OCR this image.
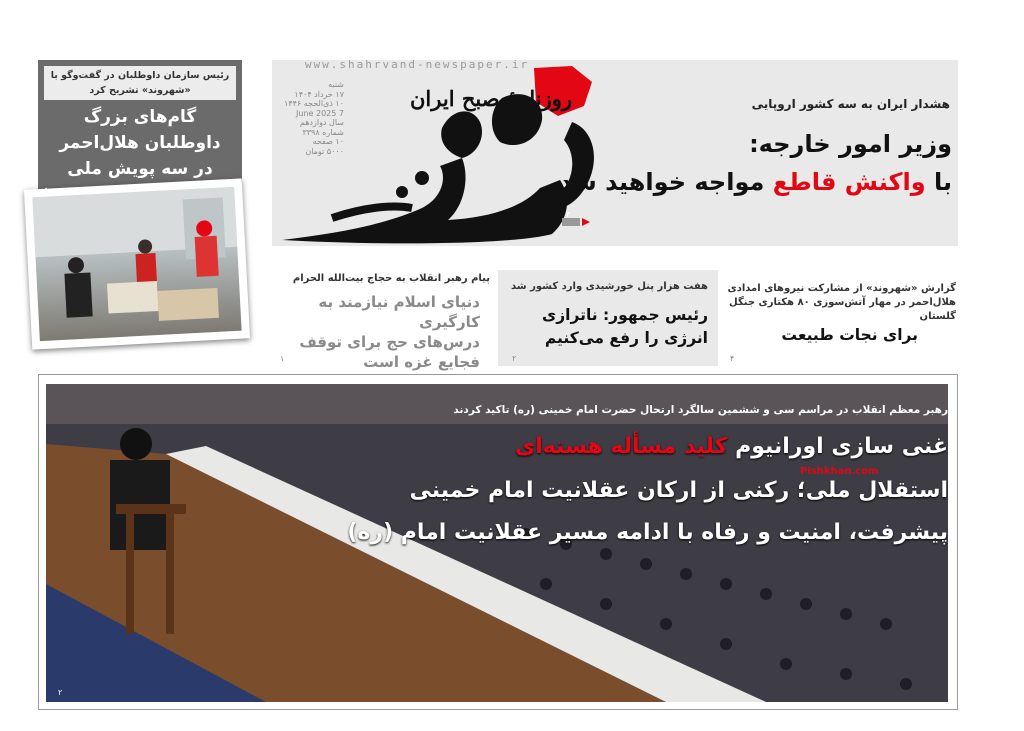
www.shahrvand-newspaper.ir
روزنامهٔ صبح ایران
شنبه
۱۷ خرداد ۱۴۰۴
۱۰ ذی‌الحجه ۱۴۴۶
7 June 2025
سال دوازدهم
شماره ۳۳۹۸
۱۰ صفحه
۵۰۰۰ تومان
هشدار ایران به سه کشور اروپایی
وزیر امور خارجه:
با واکنش قاطع مواجه خواهید شد
۳
رئیس سازمان داوطلبان در گفت‌وگو با «شهروند» تشریح کرد
گام‌های بزرگ
داوطلبان هلال‌احمر
در سه پویش ملی
۵
گزارش «شهروند» از مشارکت نیروهای امدادی هلال‌احمر در مهار آتش‌سوزی ۸۰ هکتاری جنگل گلستان
برای نجات طبیعت
۴
هفت هزار پنل خورشیدی وارد کشور شد
رئیس جمهور: ناترازی انرژی را رفع می‌کنیم
۲
پیام رهبر انقلاب به حجاج بیت‌الله الحرام
دنیای اسلام نیازمند به کارگیری
درس‌های حج برای توقف
فجایع غزه است
۱
رهبر معظم انقلاب در مراسم سی و ششمین سالگرد ارتحال حضرت امام خمینی (ره) تاکید کردند
غنی سازی اورانیوم کلید مسأله هسته‌ای
استقلال ملی؛ رکنی از ارکان عقلانیت امام خمینی
پیشرفت، امنیت و رفاه با ادامه مسیر عقلانیت امام (ره)
Pishkhan.com
۲
